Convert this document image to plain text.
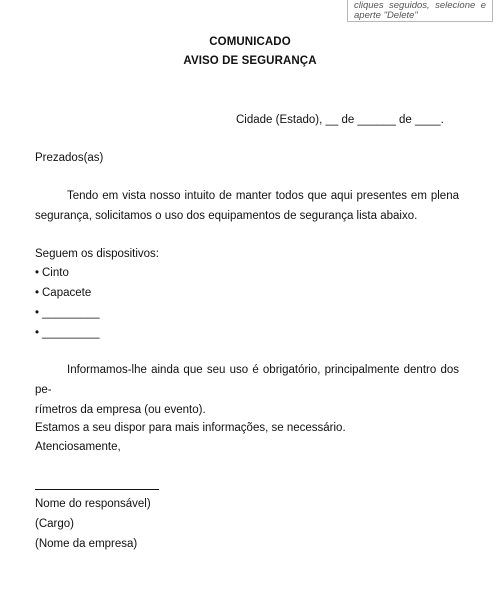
cliques seguidos, selecione e
aperte "Delete"
COMUNICADO
AVISO DE SEGURANÇA
Cidade (Estado), __ de ______ de ____.
Prezados(as)
Tendo em vista nosso intuito de manter todos que aqui presentes em plena
segurança, solicitamos o uso dos equipamentos de segurança lista abaixo.
Seguem os dispositivos:
• Cinto
• Capacete
• _________
• _________
Informamos-lhe ainda que seu uso é obrigatório, principalmente dentro dos pe-
rímetros da empresa (ou evento).
Estamos a seu dispor para mais informações, se necessário.
Atenciosamente,
Nome do responsável)
(Cargo)
(Nome da empresa)
